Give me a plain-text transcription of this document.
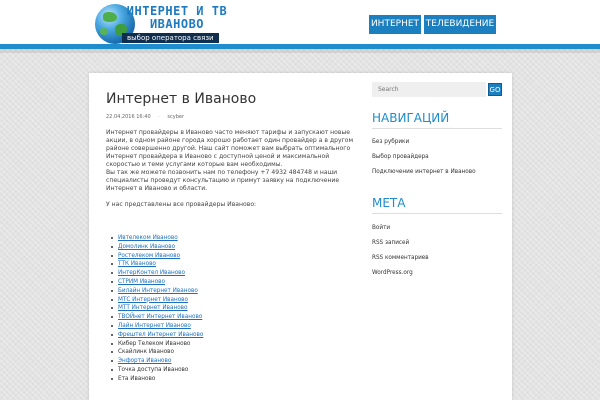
ИНТЕРНЕТ И ТВ
ИВАНОВО
выбор оператора связи
ИНТЕРНЕТ ТЕЛЕВИДЕНИЕ
Интернет в Иваново
22.04.2016 16:40 · scyber

Интернет провайдеры в Иваново часто меняют тарифы и запускают новые акции, в одном районе города хорошо работает один провайдер а в другом районе совершенно другой. Наш сайт поможет вам выбрать оптимального Интернет провайдера в Иваново с доступной ценой и максимальной скоростью и теми услугами которые вам необходимы.

Вы так же можете позвонить нам по телефону +7 4932 484748 и наши специалисты проведут консультацию и примут заявку на подключение Интернет в Иваново и области.

У нас представлены все провайдеры Иваново:

Ивтелеком Иваново
Домолинк Иваново
Ростелеком Иваново
ТТК Иваново
ИнтерКонтел Иваново
СТРИМ Иваново
Билайн Интернет Иваново
МТС Интернет Иваново
МТТ Интернет Иваново
ТВОЙнет Интернет Иваново
Лайн Интернет Иваново
Фрештел Интернет Иваново
Кибер Телеком Иваново
Скайлинк Иваново
Энфорта Иваново
Точка доступа Иваново
Ета Иваново
Search
GO
НАВИГАЦИЙ
Без рубрики
Выбор провайдера
Подключение интернет в Иваново
МЕТА
Войти
RSS записей
RSS комментариев
WordPress.org
